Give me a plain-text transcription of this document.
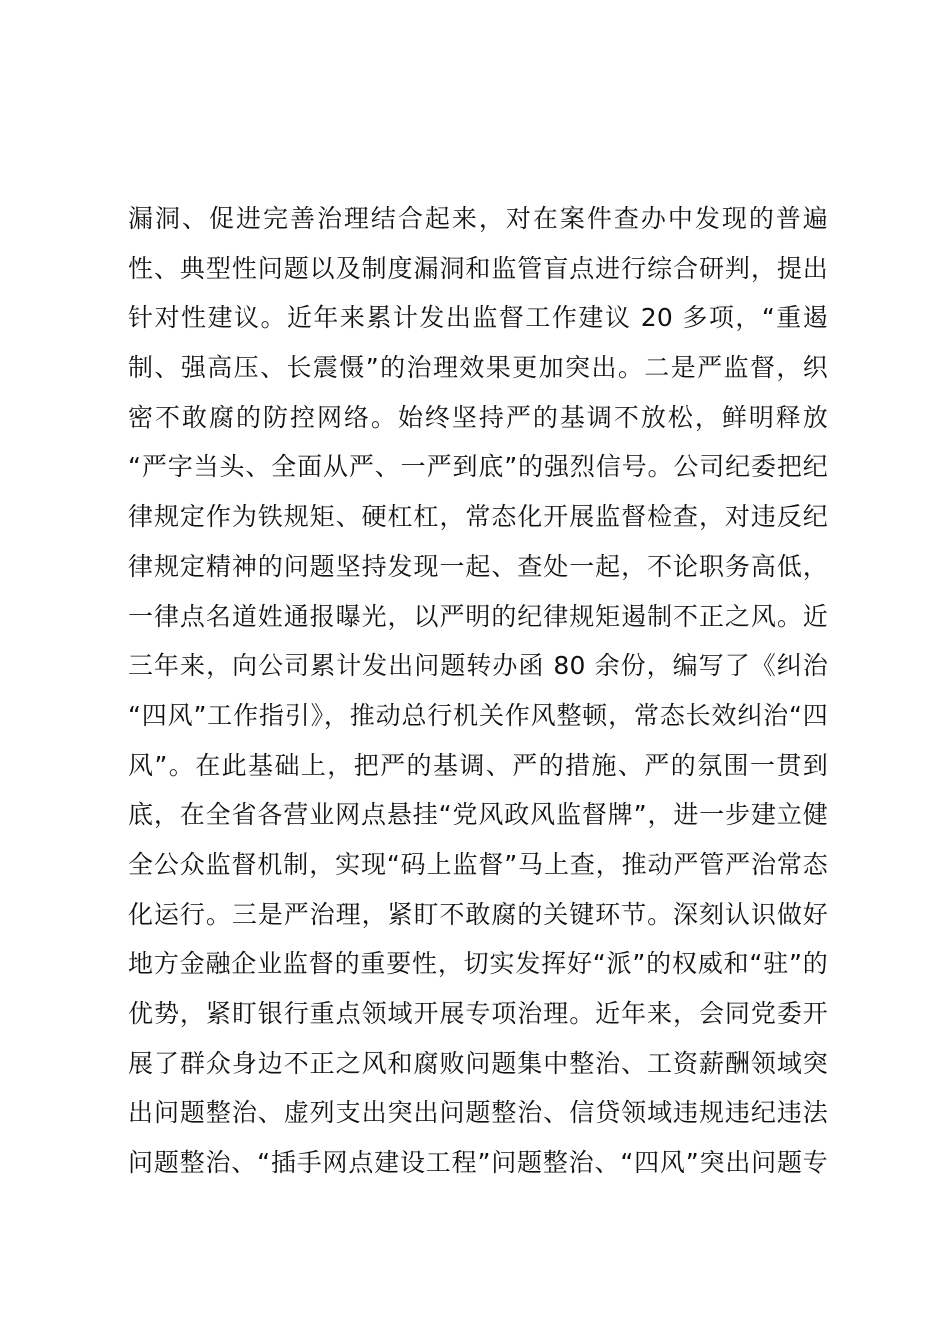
漏洞、促进完善治理结合起来，对在案件查办中发现的普遍
性、典型性问题以及制度漏洞和监管盲点进行综合研判，提出
针对性建议。近年来累计发出监督工作建议 20 多项，“重遏
制、强高压、长震慑”的治理效果更加突出。二是严监督，织
密不敢腐的防控网络。始终坚持严的基调不放松，鲜明释放
“严字当头、全面从严、一严到底”的强烈信号。公司纪委把纪
律规定作为铁规矩、硬杠杠，常态化开展监督检查，对违反纪
律规定精神的问题坚持发现一起、查处一起，不论职务高低，
一律点名道姓通报曝光，以严明的纪律规矩遏制不正之风。近
三年来，向公司累计发出问题转办函 80 余份，编写了《纠治
“四风”工作指引》，推动总行机关作风整顿，常态长效纠治“四
风”。在此基础上，把严的基调、严的措施、严的氛围一贯到
底，在全省各营业网点悬挂“党风政风监督牌”，进一步建立健
全公众监督机制，实现“码上监督”马上查，推动严管严治常态
化运行。三是严治理，紧盯不敢腐的关键环节。深刻认识做好
地方金融企业监督的重要性，切实发挥好“派”的权威和“驻”的
优势，紧盯银行重点领域开展专项治理。近年来，会同党委开
展了群众身边不正之风和腐败问题集中整治、工资薪酬领域突
出问题整治、虚列支出突出问题整治、信贷领域违规违纪违法
问题整治、“插手网点建设工程”问题整治、“四风”突出问题专
